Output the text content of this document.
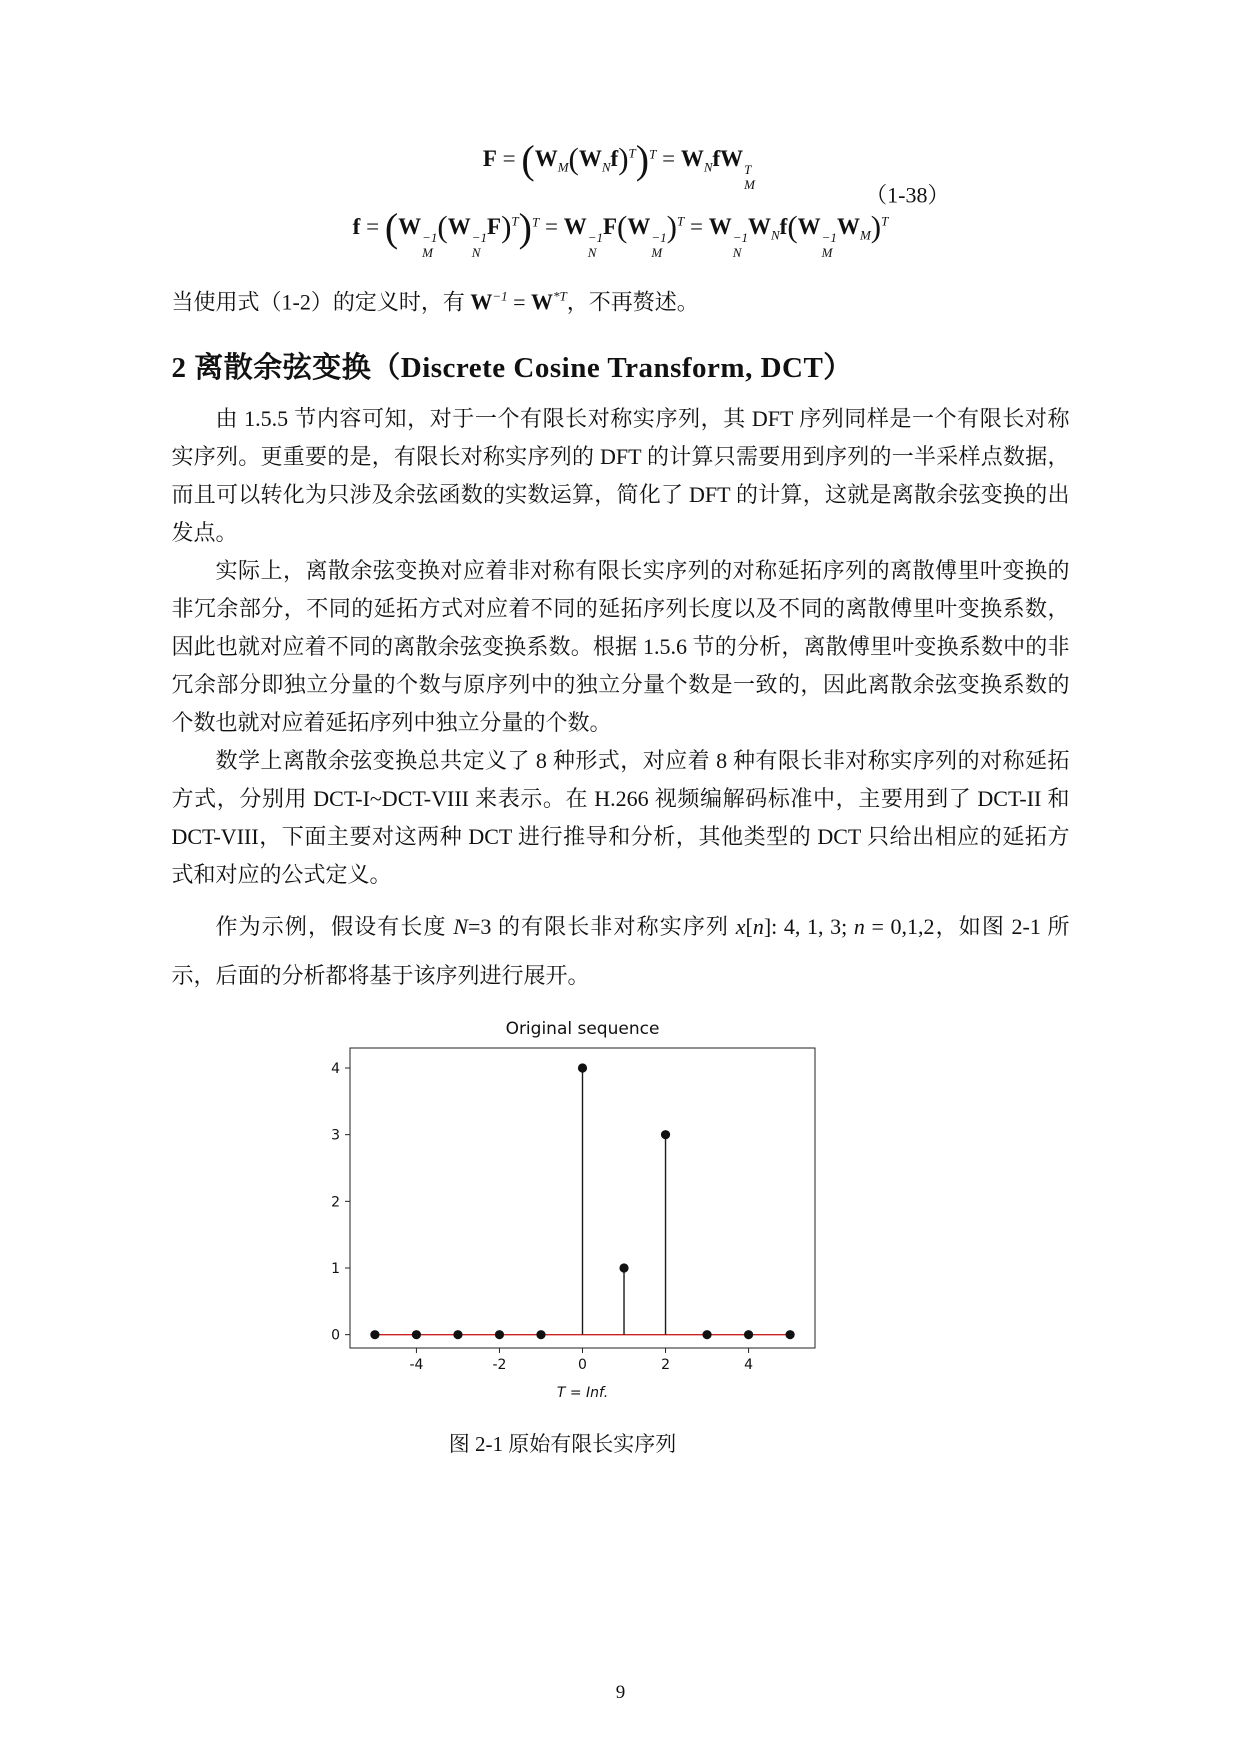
$F = (W_M(W_Nf)^T)^T = W_NfW$ T
M
f = (W −1
M
(W −1
N
F)$^T$)$^T$ = W −1
N
F(W −1
M
)$^T$ = W −1
N
$W_Nf(W -1$
M
$W_M)^T$
（1-38）

当使用式（1-2）的定义时，有 $W^{-1} = W^{*T}$，不再赘述。

2 离散余弦变换（Discrete Cosine Transform, DCT）

由 1.5.5 节内容可知，对于一个有限长对称实序列，其 DFT 序列同样是一个有限长对称实序列。更重要的是，有限长对称实序列的 DFT 的计算只需要用到序列的一半采样点数据，而且可以转化为只涉及余弦函数的实数运算，简化了 DFT 的计算，这就是离散余弦变换的出发点。

实际上，离散余弦变换对应着非对称有限长实序列的对称延拓序列的离散傅里叶变换的非冗余部分，不同的延拓方式对应着不同的延拓序列长度以及不同的离散傅里叶变换系数，因此也就对应着不同的离散余弦变换系数。根据 1.5.6 节的分析，离散傅里叶变换系数中的非冗余部分即独立分量的个数与原序列中的独立分量个数是一致的，因此离散余弦变换系数的个数也就对应着延拓序列中独立分量的个数。

数学上离散余弦变换总共定义了 8 种形式，对应着 8 种有限长非对称实序列的对称延拓方式，分别用 DCT-I~DCT-VIII 来表示。在 H.266 视频编解码标准中，主要用到了 DCT-II 和 DCT-VIII，下面主要对这两种 DCT 进行推导和分析，其他类型的 DCT 只给出相应的延拓方式和对应的公式定义。

作为示例，假设有长度 N=3 的有限长非对称实序列 x[n]: 4, 1, 3; n = 0,1,2，如图 2-1 所示，后面的分析都将基于该序列进行展开。

Original sequence
-4	-2	0	2	4
0
1
2
3
4
T = Inf.
图 2-1 原始有限长实序列
9
